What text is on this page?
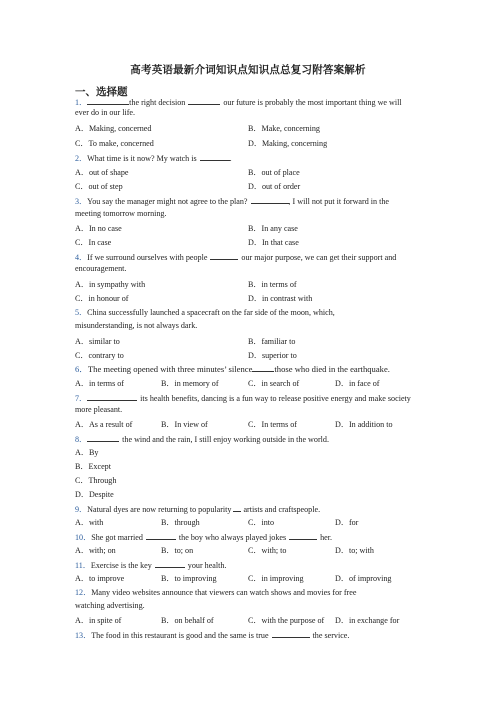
高考英语最新介词知识点知识点总复习附答案解析
一、选择题
1．	the right decision	our future is probably the most important thing we will
ever do in our life.
A．Making, concerned	B．Make, concerning
C．To make, concerned	D．Making, concerning
2．What time is it now? My watch is	.
A．out of shape	B．out of place
C．out of step	D．out of order
3．You say the manager might not agree to the plan?	, I will not put it forward in the
meeting tomorrow morning.
A．In no case	B．In any case
C．In case	D．In that case
4．If we surround ourselves with people	our major purpose, we can get their support and
encouragement.
A．in sympathy with	B．in terms of
C．in honour of	D．in contrast with
5．China successfully launched a spacecraft on the far side of the moon, which,
misunderstanding, is not always dark.
A．similar to	B．familiar to
C．contrary to	D．superior to
6．The meeting opened with three minutes’ silence	those who died in the earthquake.
A．in terms of	B．in memory of	C．in search of	D．in face of
7．	its health benefits, dancing is a fun way to release positive energy and make society
more pleasant.
A．As a result of	B．In view of	C．In terms of	D．In addition to
8．	the wind and the rain, I still enjoy working outside in the world.
A．By
B．Except
C．Through
D．Despite
9．Natural dyes are now returning to popularity artists and craftspeople.
A．with	B．through	C．into	D．for
10．She got married	the boy who always played jokes	her.
A．with; on	B．to; on	C．with; to	D．to; with
11．Exercise is the key	your health.
A．to improve	B．to improving	C．in improving	D．of improving
12．Many video websites announce that viewers can watch shows and movies for free
watching advertising.
A．in spite of	B．on behalf of	C．with the purpose of D．in exchange for
13．The food in this restaurant is good and the same is true	the service.
